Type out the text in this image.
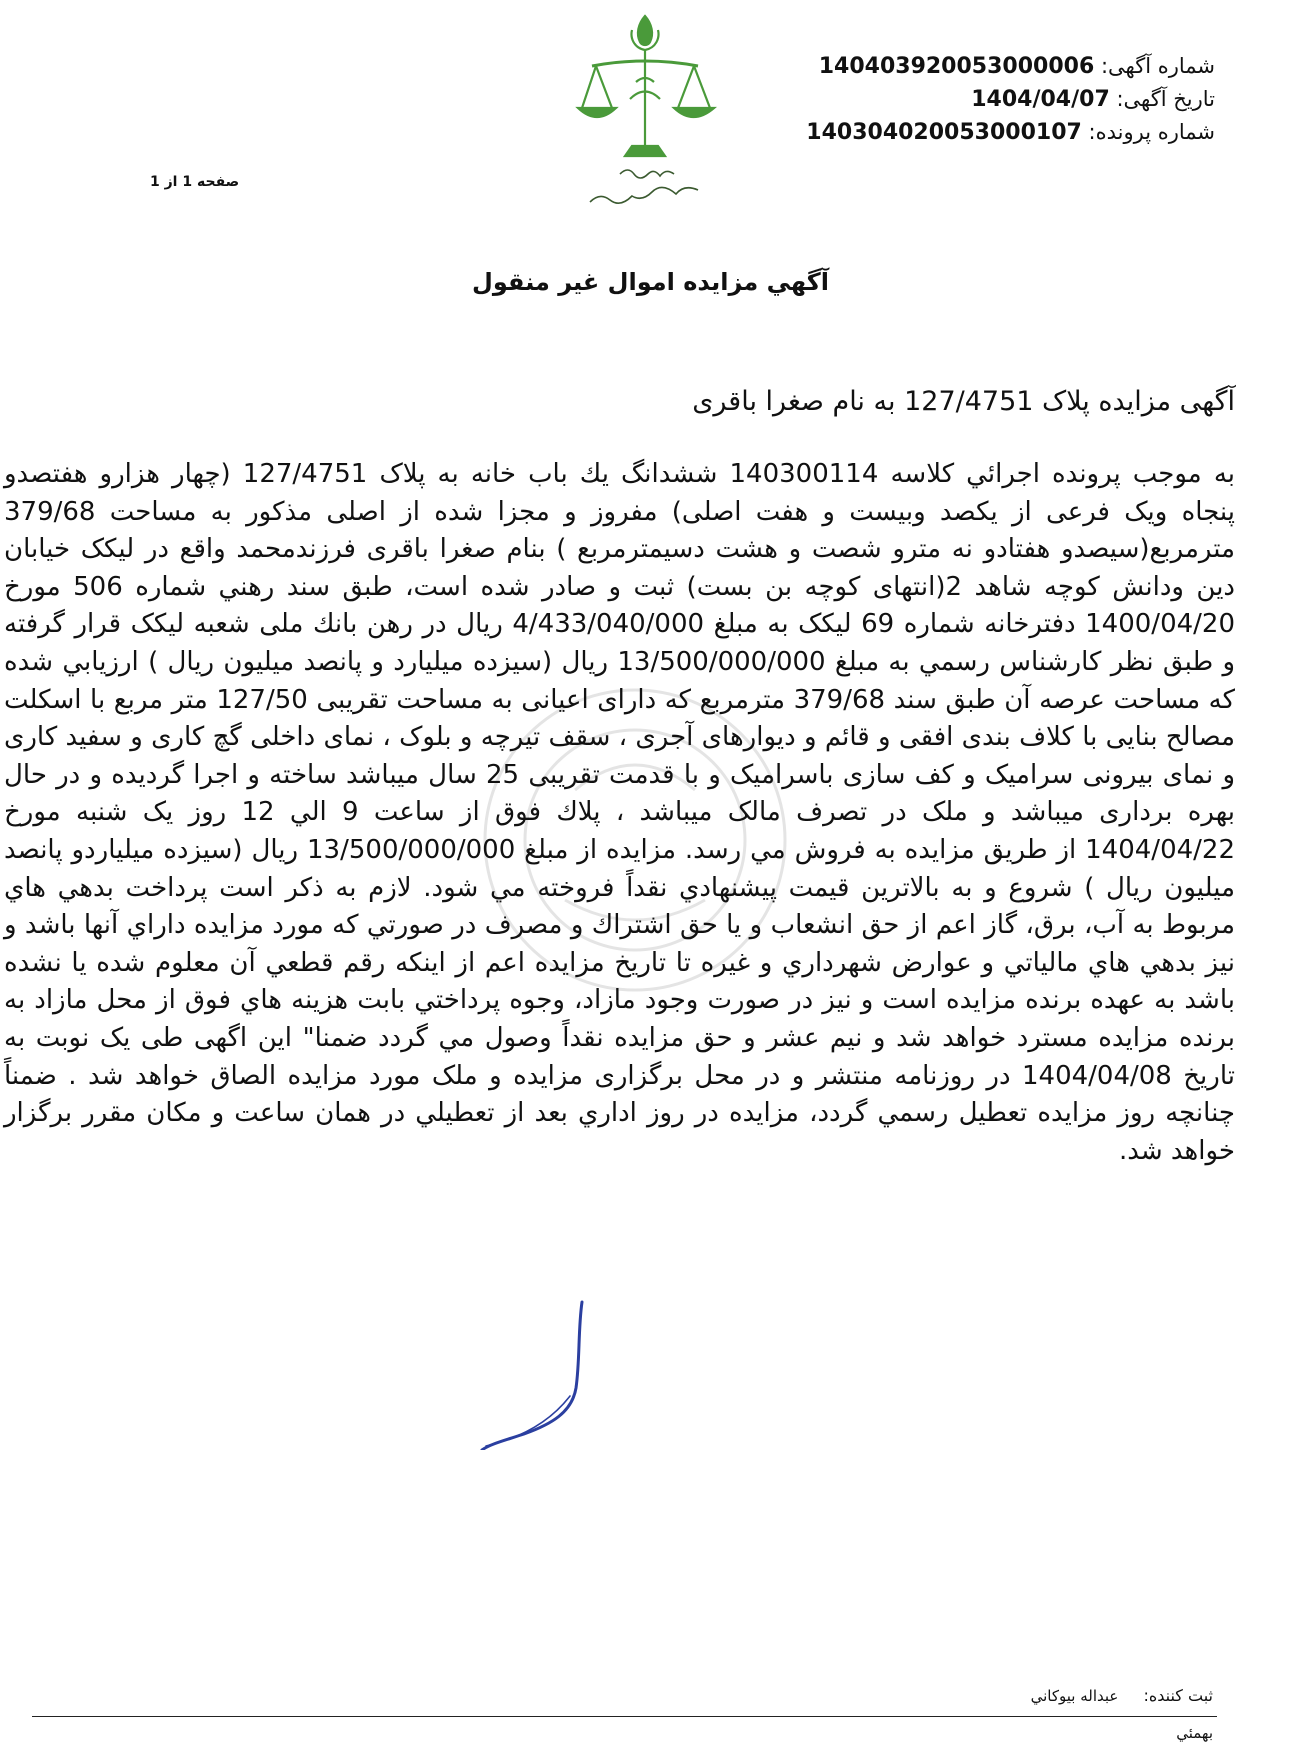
شماره آگهی: 140403920053000006
تاریخ آگهی: 1404/04/07
شماره پرونده: 140304020053000107
صفحه 1 از 1
آگهي مزايده اموال غير منقول
آگهی مزایده پلاک 127/4751 به نام صغرا باقری
به موجب پرونده اجرائي كلاسه 140300114 ششدانگ يك باب خانه به پلاک 127/4751 (چهار هزارو هفتصدو پنجاه ویک فرعی از یکصد وبیست و هفت اصلی) مفروز و مجزا شده از اصلی مذکور به مساحت 379/68 مترمربع(سیصدو هفتادو نه مترو شصت و هشت دسیمترمربع ) بنام صغرا باقری فرزندمحمد واقع در لیکک خیابان دین ودانش کوچه شاهد 2(انتهای کوچه بن بست) ثبت و صادر شده است، طبق سند رهني شماره 506 مورخ 1400/04/20 دفترخانه شماره 69 لیکک به مبلغ 4/433/040/000 ريال در رهن بانك ملی شعبه لیکک قرار گرفته و طبق نظر كارشناس رسمي به مبلغ 13/500/000/000 ريال (سیزده میلیارد و پانصد میلیون ریال ) ارزيابي شده كه مساحت عرصه آن طبق سند 379/68 مترمربع که دارای اعیانی به مساحت تقریبی 127/50 متر مربع با اسکلت مصالح بنایی با کلاف بندی افقی و قائم و دیوارهای آجری ، سقف تیرچه و بلوک ، نمای داخلی گچ کاری و سفید کاری و نمای بیرونی سرامیک و کف سازی باسرامیک و با قدمت تقریبی 25 سال میباشد ساخته و اجرا گردیده و در حال بهره برداری میباشد و ملک در تصرف مالک میباشد ، پلاك فوق از ساعت 9 الي 12 روز یک شنبه مورخ 1404/04/22 از طريق مزايده به فروش مي رسد. مزايده از مبلغ 13/500/000/000 ريال (سیزده میلیاردو پانصد میلیون ریال ) شروع و به بالاترين قيمت پيشنهادي نقداً فروخته مي شود. لازم به ذكر است پرداخت بدهي هاي مربوط به آب، برق، گاز اعم از حق انشعاب و يا حق اشتراك و مصرف در صورتي كه مورد مزايده داراي آنها باشد و نيز بدهي هاي مالياتي و عوارض شهرداري و غيره تا تاريخ مزايده اعم از اينكه رقم قطعي آن معلوم شده يا نشده باشد به عهده برنده مزايده است و نيز در صورت وجود مازاد، وجوه پرداختي بابت هزينه هاي فوق از محل مازاد به برنده مزايده مسترد خواهد شد و نیم عشر و حق مزایده نقداً وصول مي گردد ضمنا" این اگهی طی یک نوبت به تاریخ 1404/04/08 در روزنامه منتشر و در محل برگزاری مزایده و ملک مورد مزایده الصاق خواهد شد . ضمناً چنانچه روز مزايده تعطيل رسمي گردد، مزايده در روز اداري بعد از تعطيلي در همان ساعت و مكان مقرر برگزار خواهد شد.
ثبت کننده: عبداله بيوكاني
بهمئي
